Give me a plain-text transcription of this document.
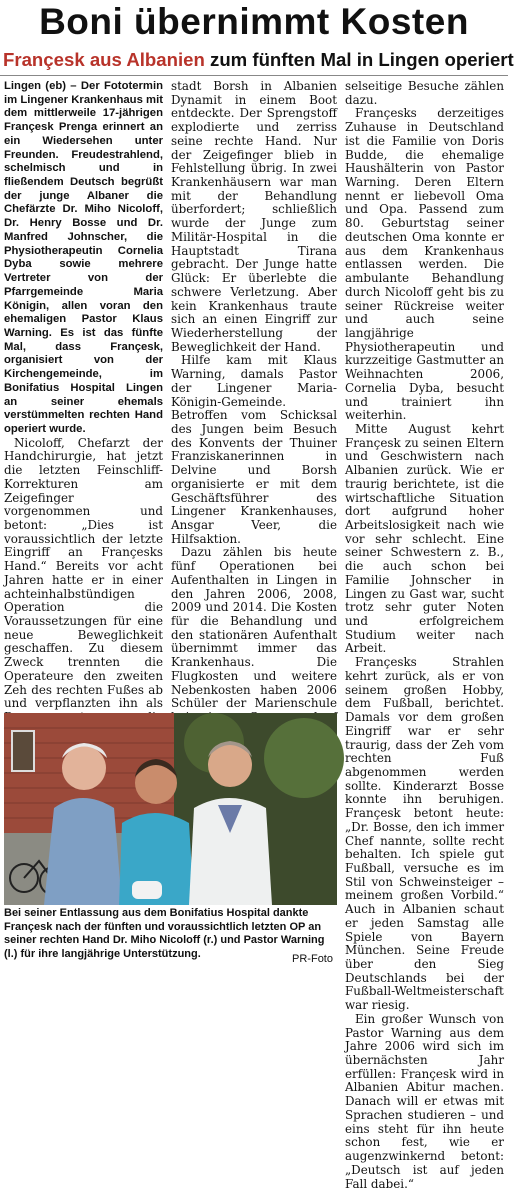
Boni übernimmt Kosten
Françesk aus Albanien zum fünften Mal in Lingen operiert

Lingen (eb) – Der Fototermin im Lingener Krankenhaus mit dem mittlerweile 17-jährigen Françesk Prenga erinnert an ein Wiedersehen unter Freunden. Freudestrahlend, schelmisch und in fließendem Deutsch begrüßt der junge Albaner die Chefärzte Dr. Miho Nicoloff, Dr. Henry Bosse und Dr. Manfred Johnscher, die Physiotherapeutin Cornelia Dyba sowie mehrere Vertreter von der Pfarrgemeinde Maria Königin, allen voran den ehemaligen Pastor Klaus Warning. Es ist das fünfte Mal, dass Françesk, organisiert von der Kirchengemeinde, im Bonifatius Hospital Lingen an seiner ehemals verstümmelten rechten Hand operiert wurde.

Nicoloff, Chefarzt der Handchirurgie, hat jetzt die letzten Feinschliff-Korrekturen am Zeigefinger vorgenommen und betont: „Dies ist voraussichtlich der letzte Eingriff an Françesks Hand.“ Bereits vor acht Jahren hatte er in einer achteinhalbstündigen Operation die Voraussetzungen für eine neue Beweglichkeit geschaffen. Zu diesem Zweck trennten die Operateure den zweiten Zeh des rechten Fußes ab und verpflanzten ihn als

stadt Borsh in Albanien Dynamit in einem Boot entdeckte. Der Sprengstoff explodierte und zerriss seine rechte Hand. Nur der Zeigefinger blieb in Fehlstellung übrig. In zwei Krankenhäusern war man mit der Behandlung überfordert; schließlich wurde der Junge zum Militär-Hospital in die Hauptstadt Tirana gebracht. Der Junge hatte Glück: Er überlebte die schwere Verletzung. Aber kein Krankenhaus traute sich an einen Eingriff zur Wiederherstellung der Beweglichkeit der Hand.

Hilfe kam mit Klaus Warning, damals Pastor der Lingener Maria-Königin-Gemeinde. Betroffen vom Schicksal des Jungen beim Besuch des Konvents der Thuiner Franziskanerinnen in Delvine und Borsh organisierte er mit dem Geschäftsführer des Lingener Krankenhauses, Ansgar Veer, die Hilfsaktion.

Dazu zählen bis heute fünf Operationen bei Aufenthalten in Lingen in den Jahren 2006, 2008, 2009 und 2014. Die Kosten für die Behandlung und den stationären Aufenthalt übernimmt immer das Krankenhaus. Die Flugkosten und weitere Nebenkosten haben 2006 Schüler der Marienschule

selseitige Besuche zählen dazu.

Françesks derzeitiges Zuhause in Deutschland ist die Familie von Doris Budde, die ehemalige Haushälterin von Pastor Warning. Deren Eltern nennt er liebevoll Oma und Opa. Passend zum 80. Geburtstag seiner deutschen Oma konnte er aus dem Krankenhaus entlassen werden. Die ambulante Behandlung durch Nicoloff geht bis zu seiner Rückreise weiter und auch seine langjährige Physiotherapeutin und kurzzeitige Gastmutter an Weihnachten 2006, Cornelia Dyba, besucht und trainiert ihn weiterhin.

Mitte August kehrt Françesk zu seinen Eltern und Geschwistern nach Albanien zurück. Wie er traurig berichtete, ist die wirtschaftliche Situation dort aufgrund hoher Arbeitslosigkeit nach wie vor sehr schlecht. Eine seiner Schwestern z. B., die auch schon bei Familie Johnscher in Lingen zu Gast war, sucht trotz sehr guter Noten und erfolgreichem Studium weiter nach Arbeit.

Françesks Strahlen kehrt zurück, als er von seinem großen Hobby, dem Fußball, berichtet. Damals vor dem großen Eingriff war er sehr traurig, dass der Zeh vom rechten Fuß abgenommen werden sollte. Kinderarzt Bosse konnte ihn beruhigen. Françesk betont heute: „Dr. Bosse, den ich immer Chef nannte, sollte recht behalten. Ich spiele gut Fußball, versuche es im Stil von Schweinsteiger – meinem großen Vorbild.“ Auch in Albanien schaut er jeden Samstag alle Spiele von Bayern München. Seine Freude über den Sieg Deutschlands bei der Fußball-Weltmeisterschaft war riesig.

Ein großer Wunsch von Pastor Warning aus dem Jahre 2006 wird sich im übernächsten Jahr erfüllen: Françesk wird in Albanien Abitur machen. Danach will er etwas mit Sprachen studieren – und eins steht für ihn heute schon fest, wie er augenzwinkernd betont: „Deutsch ist auf jeden Fall dabei.“

Bei seiner Entlassung aus dem Bonifatius Hospital dankte Françesk nach der fünften und voraussichtlich letzten OP an seiner rechten Hand Dr. Miho Nicoloff (r.) und Pastor Warning (l.) für ihre langjährige Unterstützung.	PR-Foto
